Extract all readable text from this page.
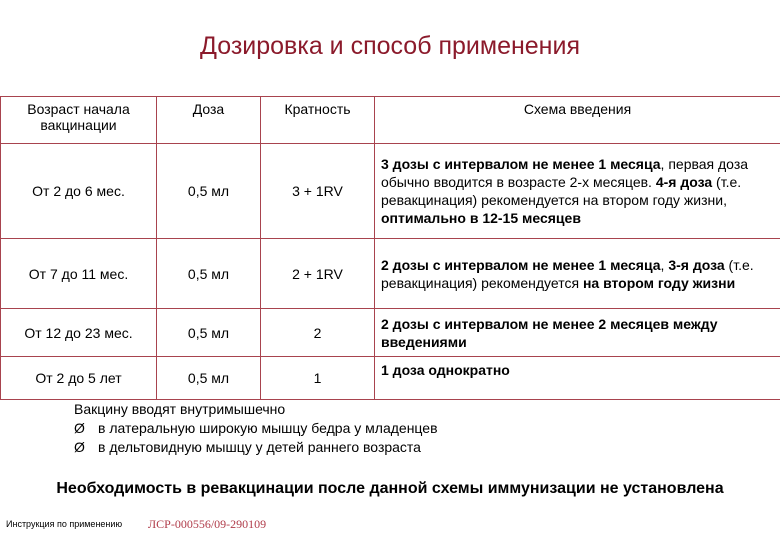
Дозировка и способ применения
Возраст начала вакцинации	Доза	Кратность	Схема введения
От 2 до 6 мес.	0,5 мл	3 + 1RV	3 дозы с интервалом не менее 1 месяца, первая доза обычно вводится в возрасте 2-х месяцев. 4-я доза (т.е. ревакцинация) рекомендуется на втором году жизни, оптимально в 12-15 месяцев
От 7 до 11 мес.	0,5 мл	2 + 1RV	2 дозы с интервалом не менее 1 месяца, 3-я доза (т.е. ревакцинация) рекомендуется на втором году жизни
От 12 до 23 мес.	0,5 мл	2	2 дозы с интервалом не менее 2 месяцев между введениями
От 2 до 5 лет	0,5 мл	1	1 доза однократно
Вакцину вводят внутримышечно
Ø в латеральную широкую мышцу бедра у младенцев
Ø в дельтовидную мышцу у детей раннего возраста
Необходимость в ревакцинации после данной схемы иммунизации не установлена
Инструкция по применению ЛСР-000556/09-290109
